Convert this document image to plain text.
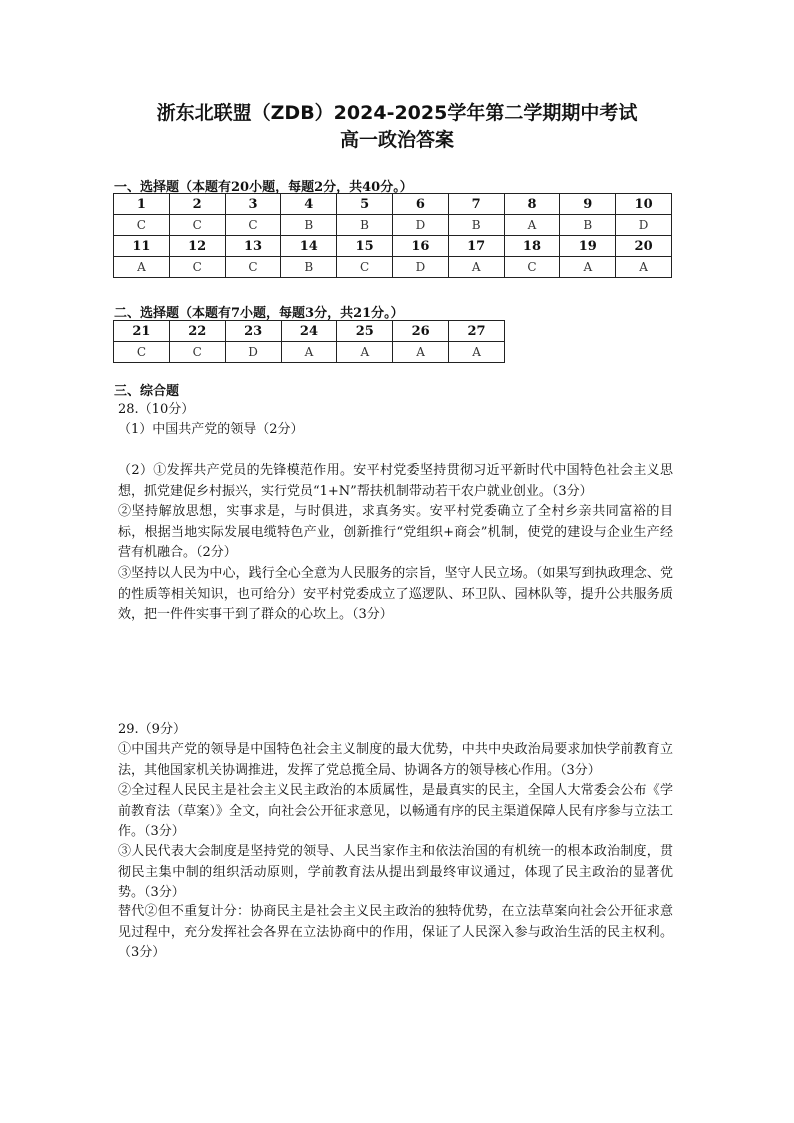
浙东北联盟（ZDB）2024-2025学年第二学期期中考试
高一政治答案
一、选择题（本题有20小题，每题2分，共40分。）
1	2	3	4	5	6	7	8	9	10
C	C	C	B	B	D	B	A	B	D
11	12	13	14	15	16	17	18	19	20
A	C	C	B	C	D	A	C	A	A
二、选择题（本题有7小题，每题3分，共21分。）
21	22	23	24	25	26	27
C	C	D	A	A	A	A
三、综合题
28.（10分）
（1）中国共产党的领导（2分）
（2）①发挥共产党员的先锋模范作用。安平村党委坚持贯彻习近平新时代中国特色社会主义思想，抓党建促乡村振兴，实行党员“1+N”帮扶机制带动若干农户就业创业。（3分）
②坚持解放思想，实事求是，与时俱进，求真务实。安平村党委确立了全村乡亲共同富裕的目标，根据当地实际发展电缆特色产业，创新推行“党组织+商会”机制，使党的建设与企业生产经营有机融合。（2分）
③坚持以人民为中心，践行全心全意为人民服务的宗旨，坚守人民立场。（如果写到执政理念、党的性质等相关知识，也可给分）安平村党委成立了巡逻队、环卫队、园林队等，提升公共服务质效，把一件件实事干到了群众的心坎上。（3分）
29.（9分）
①中国共产党的领导是中国特色社会主义制度的最大优势，中共中央政治局要求加快学前教育立法，其他国家机关协调推进，发挥了党总揽全局、协调各方的领导核心作用。（3分）
②全过程人民民主是社会主义民主政治的本质属性，是最真实的民主，全国人大常委会公布《学前教育法（草案）》全文，向社会公开征求意见，以畅通有序的民主渠道保障人民有序参与立法工作。（3分）
③人民代表大会制度是坚持党的领导、人民当家作主和依法治国的有机统一的根本政治制度，贯彻民主集中制的组织活动原则，学前教育法从提出到最终审议通过，体现了民主政治的显著优势。（3分）
替代②但不重复计分：协商民主是社会主义民主政治的独特优势，在立法草案向社会公开征求意见过程中，充分发挥社会各界在立法协商中的作用，保证了人民深入参与政治生活的民主权利。（3分）
